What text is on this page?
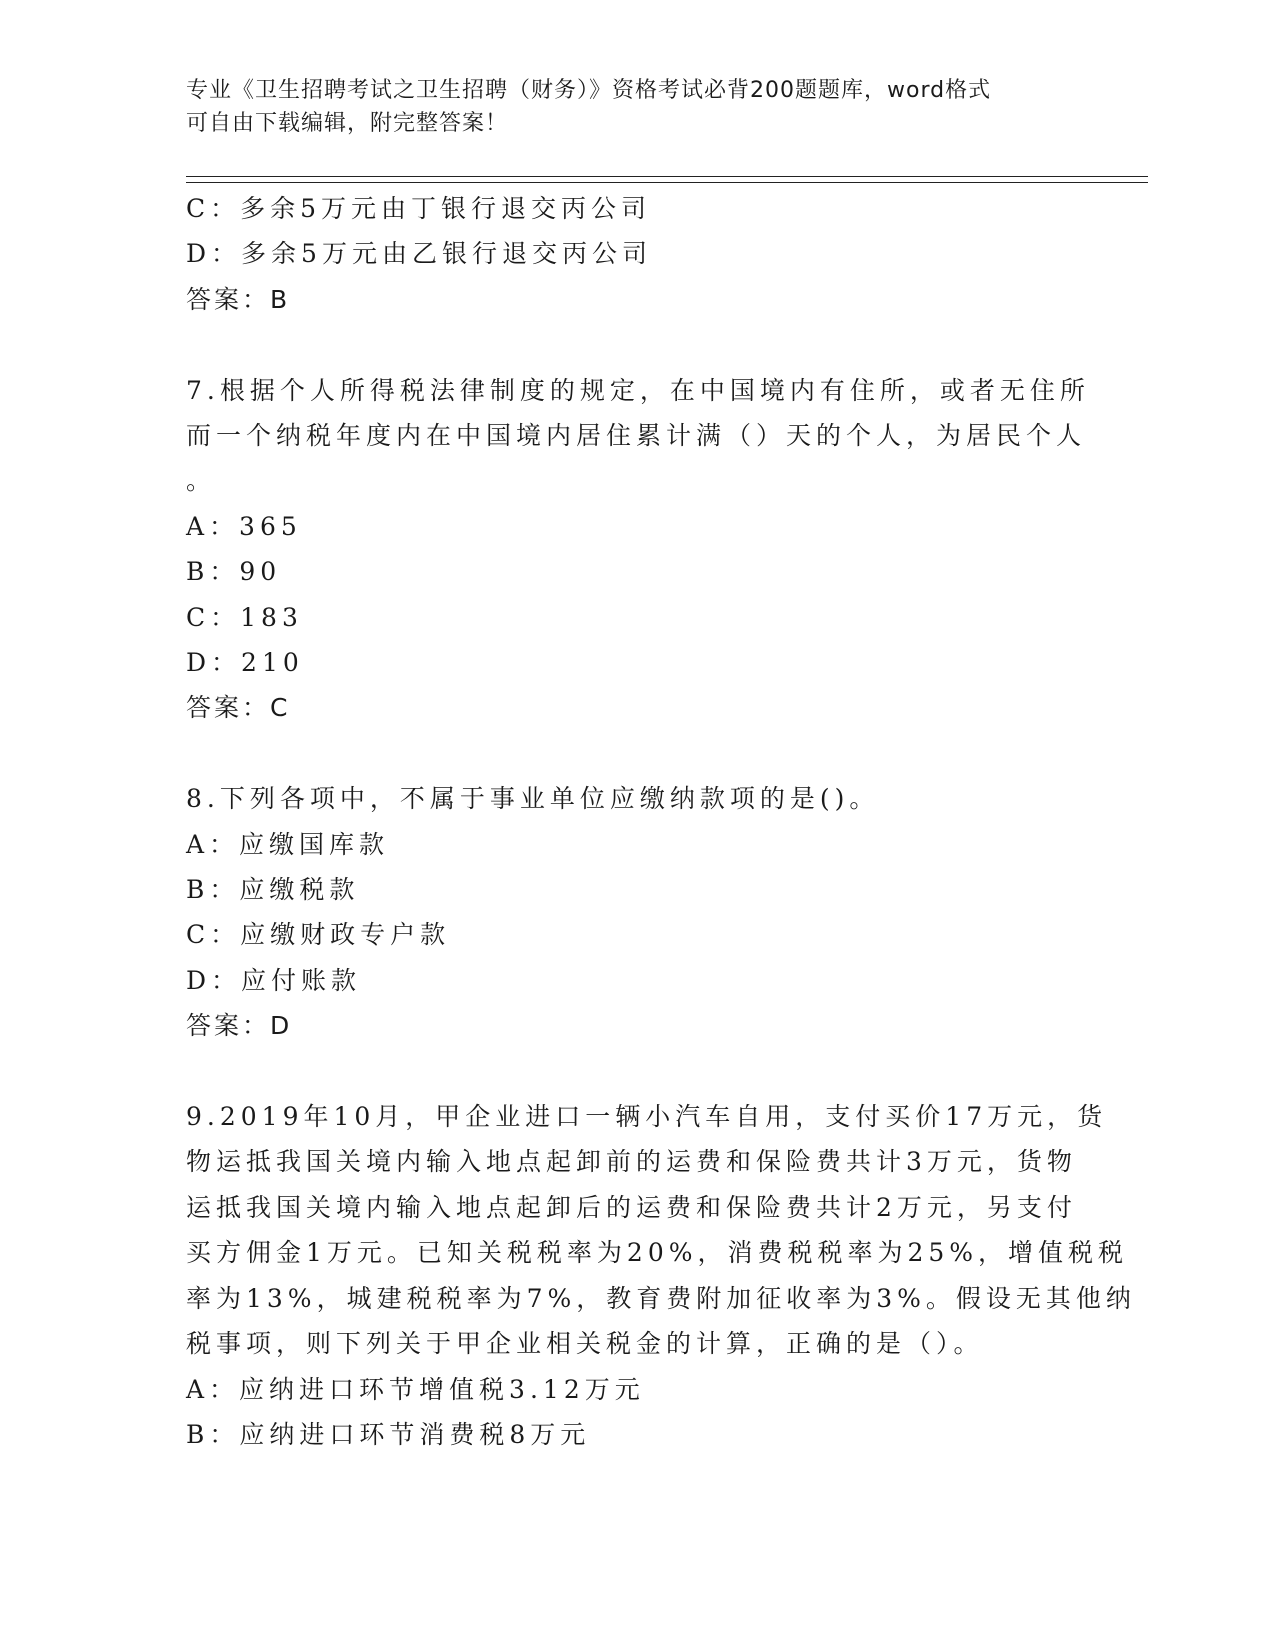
专业《卫生招聘考试之卫生招聘（财务）》资格考试必背200题题库，word格式
可自由下载编辑，附完整答案！
C：多余5万元由丁银行退交丙公司
D：多余5万元由乙银行退交丙公司
答案：B
7.根据个人所得税法律制度的规定，在中国境内有住所，或者无住所
而一个纳税年度内在中国境内居住累计满（）天的个人，为居民个人
。
A：365
B：90
C：183
D：210
答案：C
8.下列各项中，不属于事业单位应缴纳款项的是()。
A：应缴国库款
B：应缴税款
C：应缴财政专户款
D：应付账款
答案：D
9.2019年10月，甲企业进口一辆小汽车自用，支付买价17万元，货
物运抵我国关境内输入地点起卸前的运费和保险费共计3万元，货物
运抵我国关境内输入地点起卸后的运费和保险费共计2万元，另支付
买方佣金1万元。已知关税税率为20%，消费税税率为25%，增值税税
率为13%，城建税税率为7%，教育费附加征收率为3%。假设无其他纳
税事项，则下列关于甲企业相关税金的计算，正确的是（）。
A：应纳进口环节增值税3.12万元
B：应纳进口环节消费税8万元
